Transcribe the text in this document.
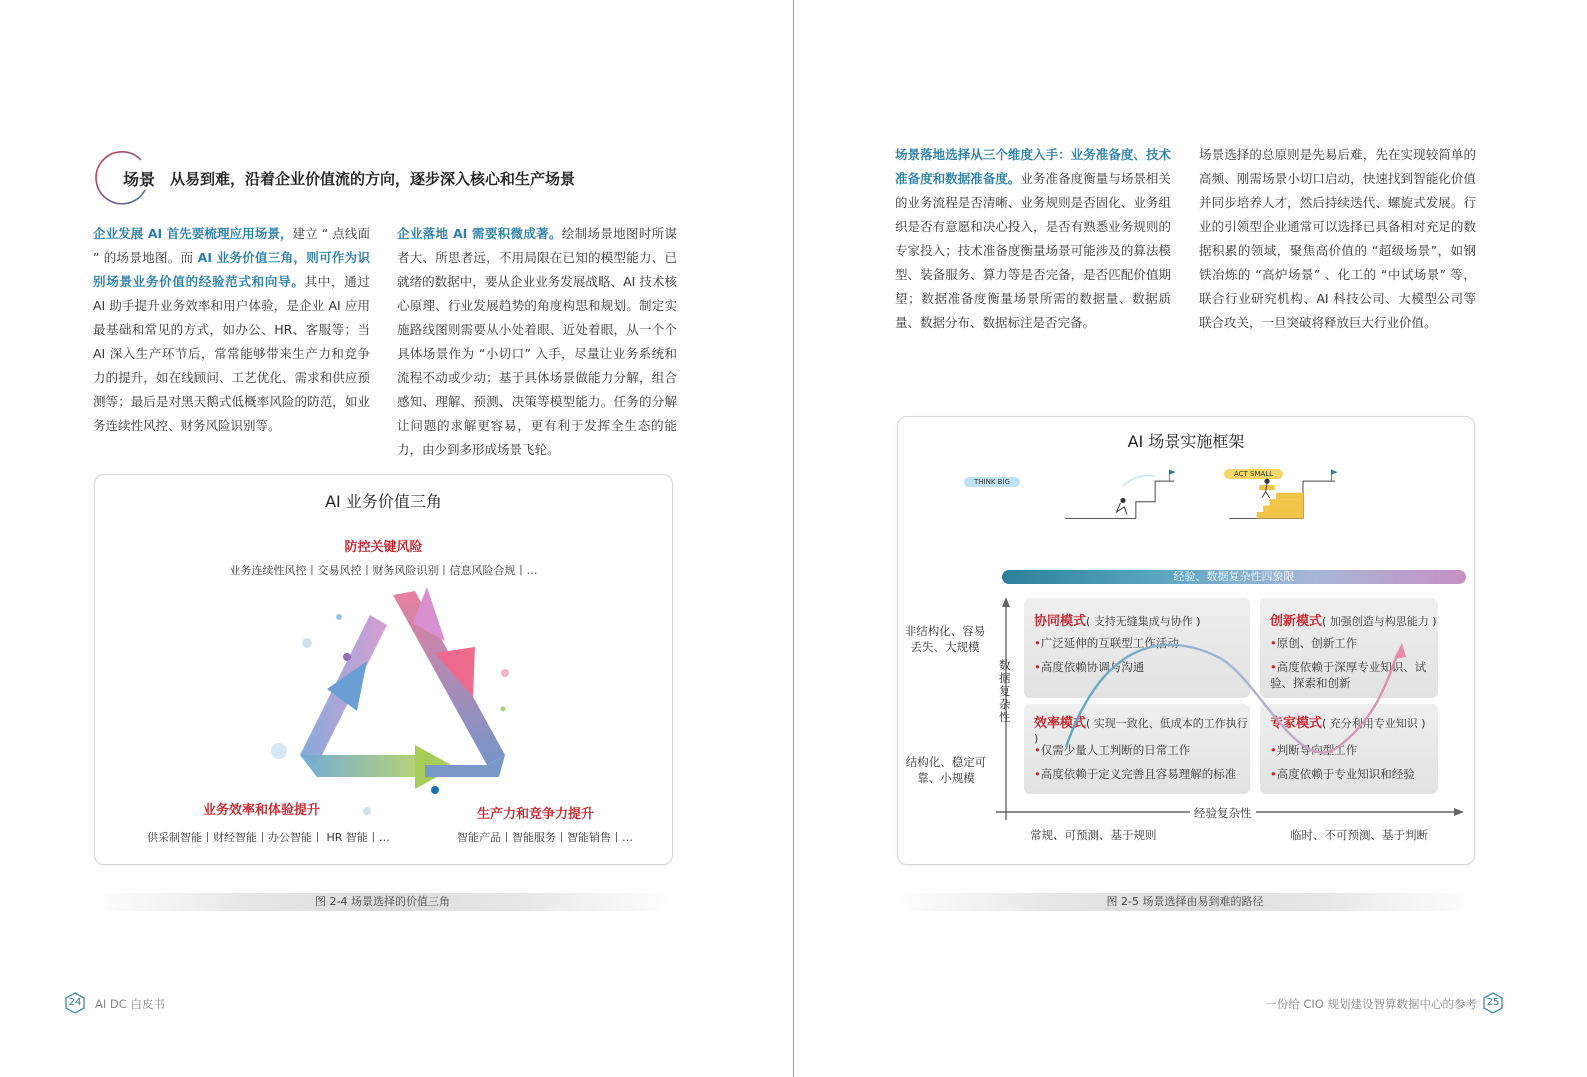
场景 从易到难，沿着企业价值流的方向，逐步深入核心和生产场景
企业发展 AI 首先要梳理应用场景，建立 “ 点线面 ” 的场景地图。而 AI 业务价值三角，则可作为识别场景业务价值的经验范式和向导。其中，通过 AI 助手提升业务效率和用户体验，是企业 AI 应用最基础和常见的方式，如办公、HR、客服等；当 AI 深入生产环节后，常常能够带来生产力和竞争力的提升，如在线顾问、工艺优化、需求和供应预测等；最后是对黑天鹅式低概率风险的防范，如业务连续性风控、财务风险识别等。
企业落地 AI 需要积微成著。绘制场景地图时所谋者大、所思者远，不用局限在已知的模型能力、已就绪的数据中，要从企业业务发展战略、AI 技术核心原理、行业发展趋势的角度构思和规划。制定实施路线图则需要从小处着眼、近处着眼，从一个个具体场景作为 “小切口” 入手，尽量让业务系统和流程不动或少动；基于具体场景做能力分解，组合感知、理解、预测、决策等模型能力。任务的分解让问题的求解更容易，更有利于发挥全生态的能力，由少到多形成场景飞轮。
AI 业务价值三角
防控关键风险
业务连续性风控丨交易风控丨财务风险识别丨信息风险合规丨…
业务效率和体验提升
供采制智能丨财经智能丨办公智能丨 HR 智能丨…
生产力和竞争力提升
智能产品丨智能服务丨智能销售丨…
图 2-4 场景选择的价值三角
24	AI DC 白皮书
场景落地选择从三个维度入手：业务准备度、技术准备度和数据准备度。业务准备度衡量与场景相关的业务流程是否清晰、业务规则是否固化、业务组织是否有意愿和决心投入，是否有熟悉业务规则的专家投入；技术准备度衡量场景可能涉及的算法模型、装备服务、算力等是否完备，是否匹配价值期望；数据准备度衡量场景所需的数据量、数据质量、数据分布、数据标注是否完备。
场景选择的总原则是先易后难，先在实现较简单的高频、刚需场景小切口启动，快速找到智能化价值并同步培养人才，然后持续迭代、螺旋式发展。行业的引领型企业通常可以选择已具备相对充足的数据积累的领域，聚焦高价值的 “超级场景”，如钢铁冶炼的 “高炉场景” 、化工的 “中试场景” 等，联合行业研究机构、AI 科技公司、大模型公司等联合攻关，一旦突破将释放巨大行业价值。
AI 场景实施框架
THINK BIG
ACT SMALL
经验、数据复杂性四象限
数据复杂性
经验复杂性
非结构化、容易丢失、大规模
结构化、稳定可靠、小规模
常规、可预测、基于规则	临时、不可预测、基于判断
协同模式( 支持无缝集成与协作 )
•广泛延伸的互联型工作活动
•高度依赖协调与沟通
创新模式( 加强创造与构思能力 )
•原创、创新工作
•高度依赖于深厚专业知识、试验、探索和创新
效率模式( 实现一致化、低成本的工作执行 )
•仅需少量人工判断的日常工作
•高度依赖于定义完善且容易理解的标准
专家模式( 充分利用专业知识 )
•判断导向型工作
•高度依赖于专业知识和经验
图 2-5 场景选择由易到难的路径
一份给 CIO 规划建设智算数据中心的参考 25
